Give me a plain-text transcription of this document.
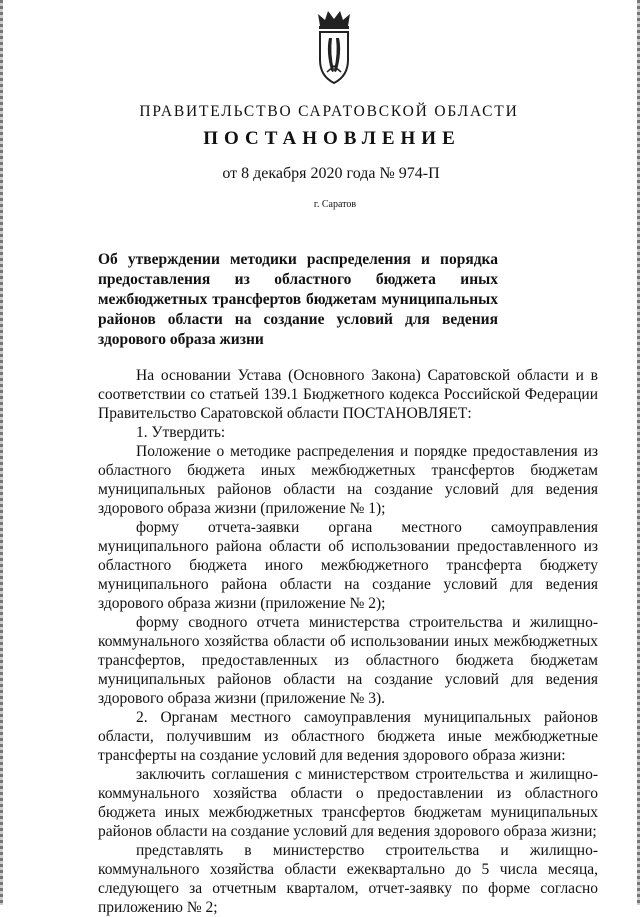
ПРАВИТЕЛЬСТВО САРАТОВСКОЙ ОБЛАСТИ
ПОСТАНОВЛЕНИЕ
от 8 декабря 2020 года № 974-П
г. Саратов
Об утверждении методики распределения и порядка предоставления из областного бюджета иных межбюджетных трансфертов бюджетам муниципальных районов области на создание условий для ведения здорового образа жизни

На основании Устава (Основного Закона) Саратовской области и в соответствии со статьей 139.1 Бюджетного кодекса Российской Федерации Правительство Саратовской области ПОСТАНОВЛЯЕТ:

1. Утвердить:

Положение о методике распределения и порядке предоставления из областного бюджета иных межбюджетных трансфертов бюджетам муниципальных районов области на создание условий для ведения здорового образа жизни (приложение № 1);

форму отчета-заявки органа местного самоуправления муниципального района области об использовании предоставленного из областного бюджета иного межбюджетного трансферта бюджету муниципального района области на создание условий для ведения здорового образа жизни (приложение № 2);

форму сводного отчета министерства строительства и жилищно-коммунального хозяйства области об использовании иных межбюджетных трансфертов, предоставленных из областного бюджета бюджетам муниципальных районов области на создание условий для ведения здорового образа жизни (приложение № 3).

2. Органам местного самоуправления муниципальных районов области, получившим из областного бюджета иные межбюджетные трансферты на создание условий для ведения здорового образа жизни:

заключить соглашения с министерством строительства и жилищно-коммунального хозяйства области о предоставлении из областного бюджета иных межбюджетных трансфертов бюджетам муниципальных районов области на создание условий для ведения здорового образа жизни;

представлять в министерство строительства и жилищно-коммунального хозяйства области ежеквартально до 5 числа месяца, следующего за отчетным кварталом, отчет-заявку по форме согласно приложению № 2;
